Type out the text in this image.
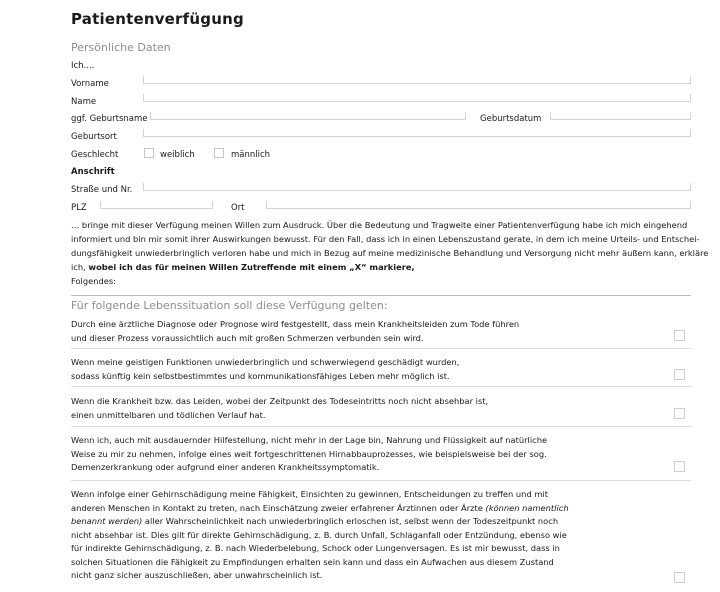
Patientenverfügung
Persönliche Daten
Ich....
Vorname
Name
ggf. Geburtsname	Geburtsdatum
Geburtsort
Geschlecht	weiblich	männlich
Anschrift
Straße und Nr.
PLZ	Ort

… bringe mit dieser Verfügung meinen Willen zum Ausdruck. Über die Bedeutung und Tragweite einer Patientenverfügung habe ich mich eingehend

informiert und bin mir somit ihrer Auswirkungen bewusst. Für den Fall, dass ich in einen Lebenszustand gerate, in dem ich meine Urteils- und Entschei-

dungsfähigkeit unwiederbringlich verloren habe und mich in Bezug auf meine medizinische Behandlung und Versorgung nicht mehr äußern kann, erkläre

ich, wobei ich das für meinen Willen Zutreffende mit einem „X“ markiere,

Folgendes:

Für folgende Lebenssituation soll diese Verfügung gelten:

Durch eine ärztliche Diagnose oder Prognose wird festgestellt, dass mein Krankheitsleiden zum Tode führen

und dieser Prozess voraussichtlich auch mit großen Schmerzen verbunden sein wird.

Wenn meine geistigen Funktionen unwiederbringlich und schwerwiegend geschädigt wurden,

sodass künftig kein selbstbestimmtes und kommunikationsfähiges Leben mehr möglich ist.

Wenn die Krankheit bzw. das Leiden, wobei der Zeitpunkt des Todeseintritts noch nicht absehbar ist,

einen unmittelbaren und tödlichen Verlauf hat.

Wenn ich, auch mit ausdauernder Hilfestellung, nicht mehr in der Lage bin, Nahrung und Flüssigkeit auf natürliche

Weise zu mir zu nehmen, infolge eines weit fortgeschrittenen Hirnabbauprozesses, wie beispielsweise bei der sog.

Demenzerkrankung oder aufgrund einer anderen Krankheitssymptomatik.

Wenn infolge einer Gehirnschädigung meine Fähigkeit, Einsichten zu gewinnen, Entscheidungen zu treffen und mit

anderen Menschen in Kontakt zu treten, nach Einschätzung zweier erfahrener Ärztinnen oder Ärzte (können namentlich

benannt werden) aller Wahrscheinlichkeit nach unwiederbringlich erloschen ist, selbst wenn der Todeszeitpunkt noch

nicht absehbar ist. Dies gilt für direkte Gehirnschädigung, z. B. durch Unfall, Schlaganfall oder Entzündung, ebenso wie

für indirekte Gehirnschädigung, z. B. nach Wiederbelebung, Schock oder Lungenversagen. Es ist mir bewusst, dass in

solchen Situationen die Fähigkeit zu Empfindungen erhalten sein kann und dass ein Aufwachen aus diesem Zustand

nicht ganz sicher auszuschließen, aber unwahrscheinlich ist.
